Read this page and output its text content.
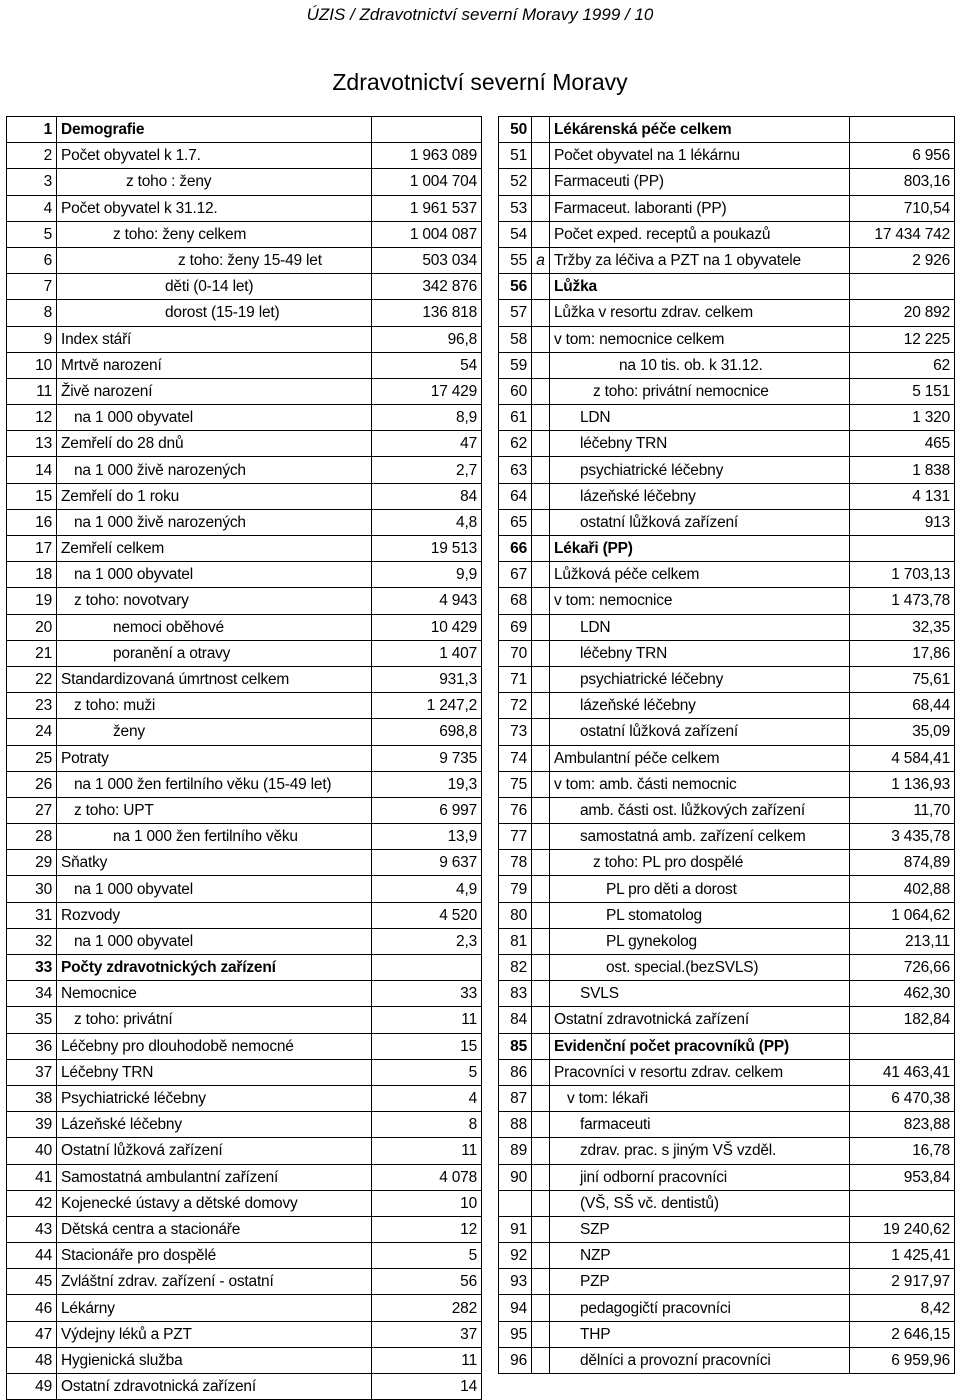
ÚZIS / Zdravotnictví severní Moravy 1999 / 10
Zdravotnictví severní Moravy
1	Demografie	
2	Počet obyvatel k 1.7.	1 963 089
3	z toho : ženy	1 004 704
4	Počet obyvatel k 31.12.	1 961 537
5	z toho: ženy celkem	1 004 087
6	z toho: ženy 15-49 let	503 034
7	děti (0-14 let)	342 876
8	dorost (15-19 let)	136 818
9	Index stáří	96,8
10	Mrtvě narození	54
11	Živě narození	17 429
12	na 1 000 obyvatel	8,9
13	Zemřelí do 28 dnů	47
14	na 1 000 živě narozených	2,7
15	Zemřelí do 1 roku	84
16	na 1 000 živě narozených	4,8
17	Zemřelí celkem	19 513
18	na 1 000 obyvatel	9,9
19	z toho: novotvary	4 943
20	nemoci oběhové	10 429
21	poranění a otravy	1 407
22	Standardizovaná úmrtnost celkem	931,3
23	z toho: muži	1 247,2
24	ženy	698,8
25	Potraty	9 735
26	na 1 000 žen fertilního věku (15-49 let)	19,3
27	z toho: UPT	6 997
28	na 1 000 žen fertilního věku	13,9
29	Sňatky	9 637
30	na 1 000 obyvatel	4,9
31	Rozvody	4 520
32	na 1 000 obyvatel	2,3
33	Počty zdravotnických zařízení	
34	Nemocnice	33
35	z toho: privátní	11
36	Léčebny pro dlouhodobě nemocné	15
37	Léčebny TRN	5
38	Psychiatrické léčebny	4
39	Lázeňské léčebny	8
40	Ostatní lůžková zařízení	11
41	Samostatná ambulantní zařízení	4 078
42	Kojenecké ústavy a dětské domovy	10
43	Dětská centra a stacionáře	12
44	Stacionáře pro dospělé	5
45	Zvláštní zdrav. zařízení - ostatní	56
46	Lékárny	282
47	Výdejny léků a PZT	37
48	Hygienická služba	11
49	Ostatní zdravotnická zařízení	14
50		Lékárenská péče celkem	
51		Počet obyvatel na 1 lékárnu	6 956
52		Farmaceuti (PP)	803,16
53		Farmaceut. laboranti (PP)	710,54
54		Počet exped. receptů a poukazů	17 434 742
55	a	Tržby za léčiva a PZT na 1 obyvatele	2 926
56		Lůžka	
57		Lůžka v resortu zdrav. celkem	20 892
58		v tom: nemocnice celkem	12 225
59		na 10 tis. ob. k 31.12.	62
60		z toho: privátní nemocnice	5 151
61		LDN	1 320
62		léčebny TRN	465
63		psychiatrické léčebny	1 838
64		lázeňské léčebny	4 131
65		ostatní lůžková zařízení	913
66		Lékaři (PP)	
67		Lůžková péče celkem	1 703,13
68		v tom: nemocnice	1 473,78
69		LDN	32,35
70		léčebny TRN	17,86
71		psychiatrické léčebny	75,61
72		lázeňské léčebny	68,44
73		ostatní lůžková zařízení	35,09
74		Ambulantní péče celkem	4 584,41
75		v tom: amb. části nemocnic	1 136,93
76		amb. části ost. lůžkových zařízení	11,70
77		samostatná amb. zařízení celkem	3 435,78
78		z toho: PL pro dospělé	874,89
79		PL pro děti a dorost	402,88
80		PL stomatolog	1 064,62
81		PL gynekolog	213,11
82		ost. special.(bezSVLS)	726,66
83		SVLS	462,30
84		Ostatní zdravotnická zařízení	182,84
85		Evidenční počet pracovníků (PP)	
86		Pracovníci v resortu zdrav. celkem	41 463,41
87		v tom: lékaři	6 470,38
88		farmaceuti	823,88
89		zdrav. prac. s jiným VŠ vzděl.	16,78
90		jiní odborní pracovníci	953,84
		(VŠ, SŠ vč. dentistů)	
91		SZP	19 240,62
92		NZP	1 425,41
93		PZP	2 917,97
94		pedagogičtí pracovníci	8,42
95		THP	2 646,15
96		dělníci a provozní pracovníci	6 959,96
